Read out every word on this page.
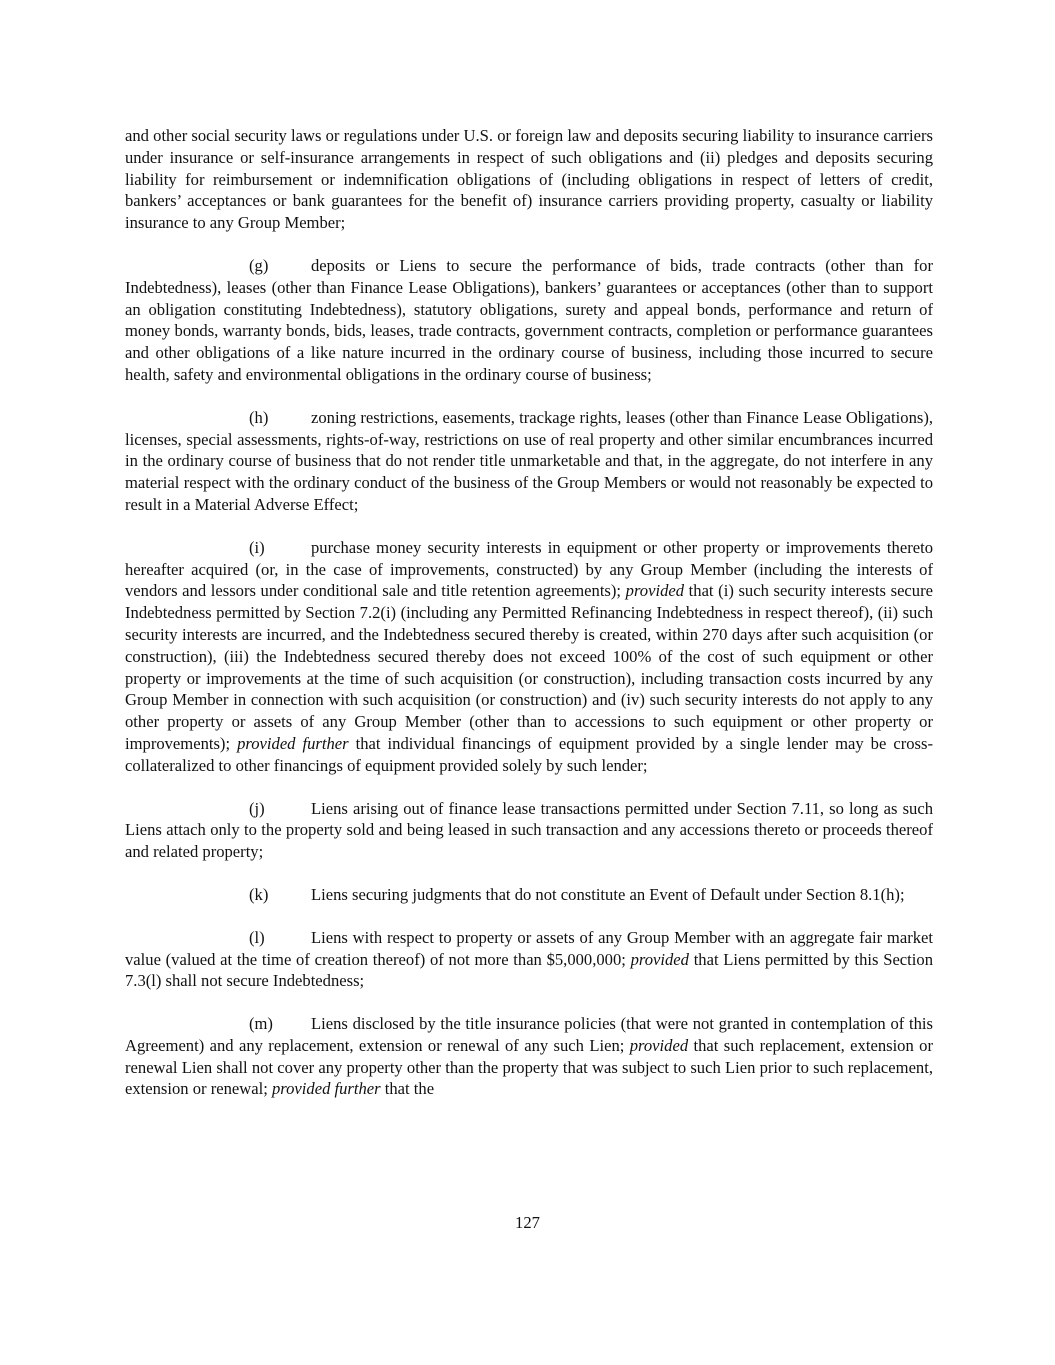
and other social security laws or regulations under U.S. or foreign law and deposits securing liability to insurance carriers under insurance or self-insurance arrangements in respect of such obligations and (ii) pledges and deposits securing liability for reimbursement or indemnification obligations of (including obligations in respect of letters of credit, bankers’ acceptances or bank guarantees for the benefit of) insurance carriers providing property, casualty or liability insurance to any Group Member;

(g)	deposits or Liens to secure the performance of bids, trade contracts (other than for Indebtedness), leases (other than Finance Lease Obligations), bankers’ guarantees or acceptances (other than to support an obligation constituting Indebtedness), statutory obligations, surety and appeal bonds, performance and return of money bonds, warranty bonds, bids, leases, trade contracts, government contracts, completion or performance guarantees and other obligations of a like nature incurred in the ordinary course of business, including those incurred to secure health, safety and environmental obligations in the ordinary course of business;

(h)	zoning restrictions, easements, trackage rights, leases (other than Finance Lease Obligations), licenses, special assessments, rights-of-way, restrictions on use of real property and other similar encumbrances incurred in the ordinary course of business that do not render title unmarketable and that, in the aggregate, do not interfere in any material respect with the ordinary conduct of the business of the Group Members or would not reasonably be expected to result in a Material Adverse Effect;

(i)	purchase money security interests in equipment or other property or improvements thereto hereafter acquired (or, in the case of improvements, constructed) by any Group Member (including the interests of vendors and lessors under conditional sale and title retention agreements); provided that (i) such security interests secure Indebtedness permitted by Section 7.2(i) (including any Permitted Refinancing Indebtedness in respect thereof), (ii) such security interests are incurred, and the Indebtedness secured thereby is created, within 270 days after such acquisition (or construction), (iii) the Indebtedness secured thereby does not exceed 100% of the cost of such equipment or other property or improvements at the time of such acquisition (or construction), including transaction costs incurred by any Group Member in connection with such acquisition (or construction) and (iv) such security interests do not apply to any other property or assets of any Group Member (other than to accessions to such equipment or other property or improvements); provided further that individual financings of equipment provided by a single lender may be cross-collateralized to other financings of equipment provided solely by such lender;

(j)	Liens arising out of finance lease transactions permitted under Section 7.11, so long as such Liens attach only to the property sold and being leased in such transaction and any accessions thereto or proceeds thereof and related property;

(k)	Liens securing judgments that do not constitute an Event of Default under Section 8.1(h);

(l)	Liens with respect to property or assets of any Group Member with an aggregate fair market value (valued at the time of creation thereof) of not more than $5,000,000; provided that Liens permitted by this Section 7.3(l) shall not secure Indebtedness;

(m) Liens disclosed by the title insurance policies (that were not granted in contemplation of this Agreement) and any replacement, extension or renewal of any such Lien; provided that such replacement, extension or renewal Lien shall not cover any property other than the property that was subject to such Lien prior to such replacement, extension or renewal; provided further that the

127
